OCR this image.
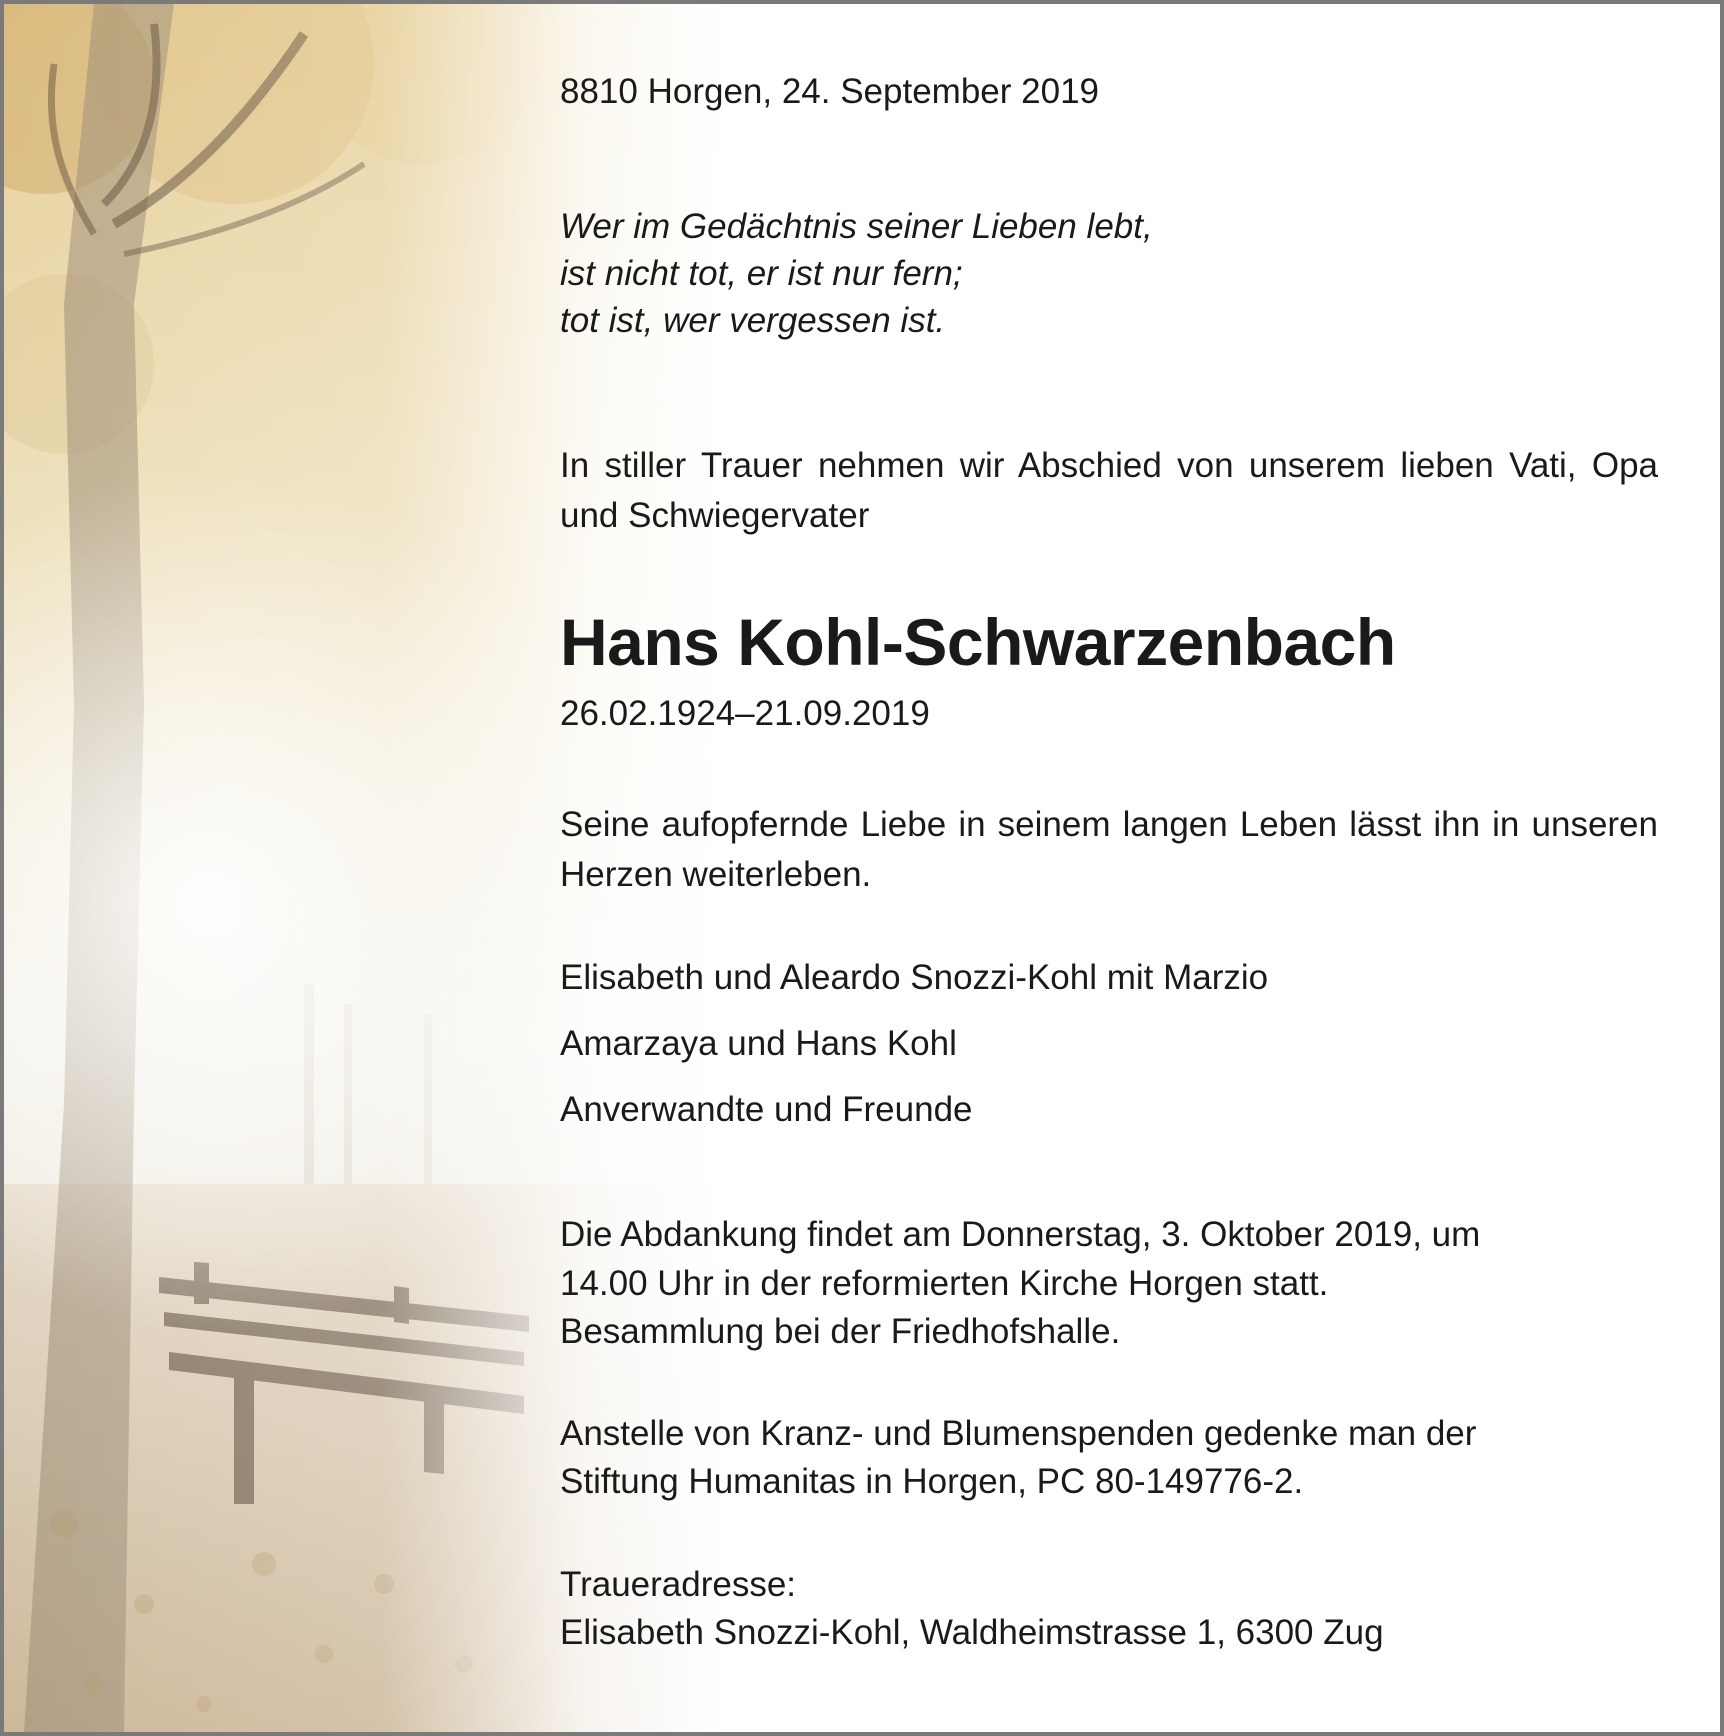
8810 Horgen, 24. September 2019
Wer im Gedächtnis seiner Lieben lebt,
ist nicht tot, er ist nur fern;
tot ist, wer vergessen ist.
In stiller Trauer nehmen wir Abschied von unserem lieben Vati, Opa und Schwiegervater
Hans Kohl-Schwarzenbach
26.02.1924–21.09.2019
Seine aufopfernde Liebe in seinem langen Leben lässt ihn in unseren Herzen weiterleben.
Elisabeth und Aleardo Snozzi-Kohl mit Marzio
Amarzaya und Hans Kohl
Anverwandte und Freunde
Die Abdankung findet am Donnerstag, 3. Oktober 2019, um
14.00 Uhr in der reformierten Kirche Horgen statt.
Besammlung bei der Friedhofshalle.
Anstelle von Kranz- und Blumenspenden gedenke man der
Stiftung Humanitas in Horgen, PC 80-149776-2.
Traueradresse:
Elisabeth Snozzi-Kohl, Waldheimstrasse 1, 6300 Zug
